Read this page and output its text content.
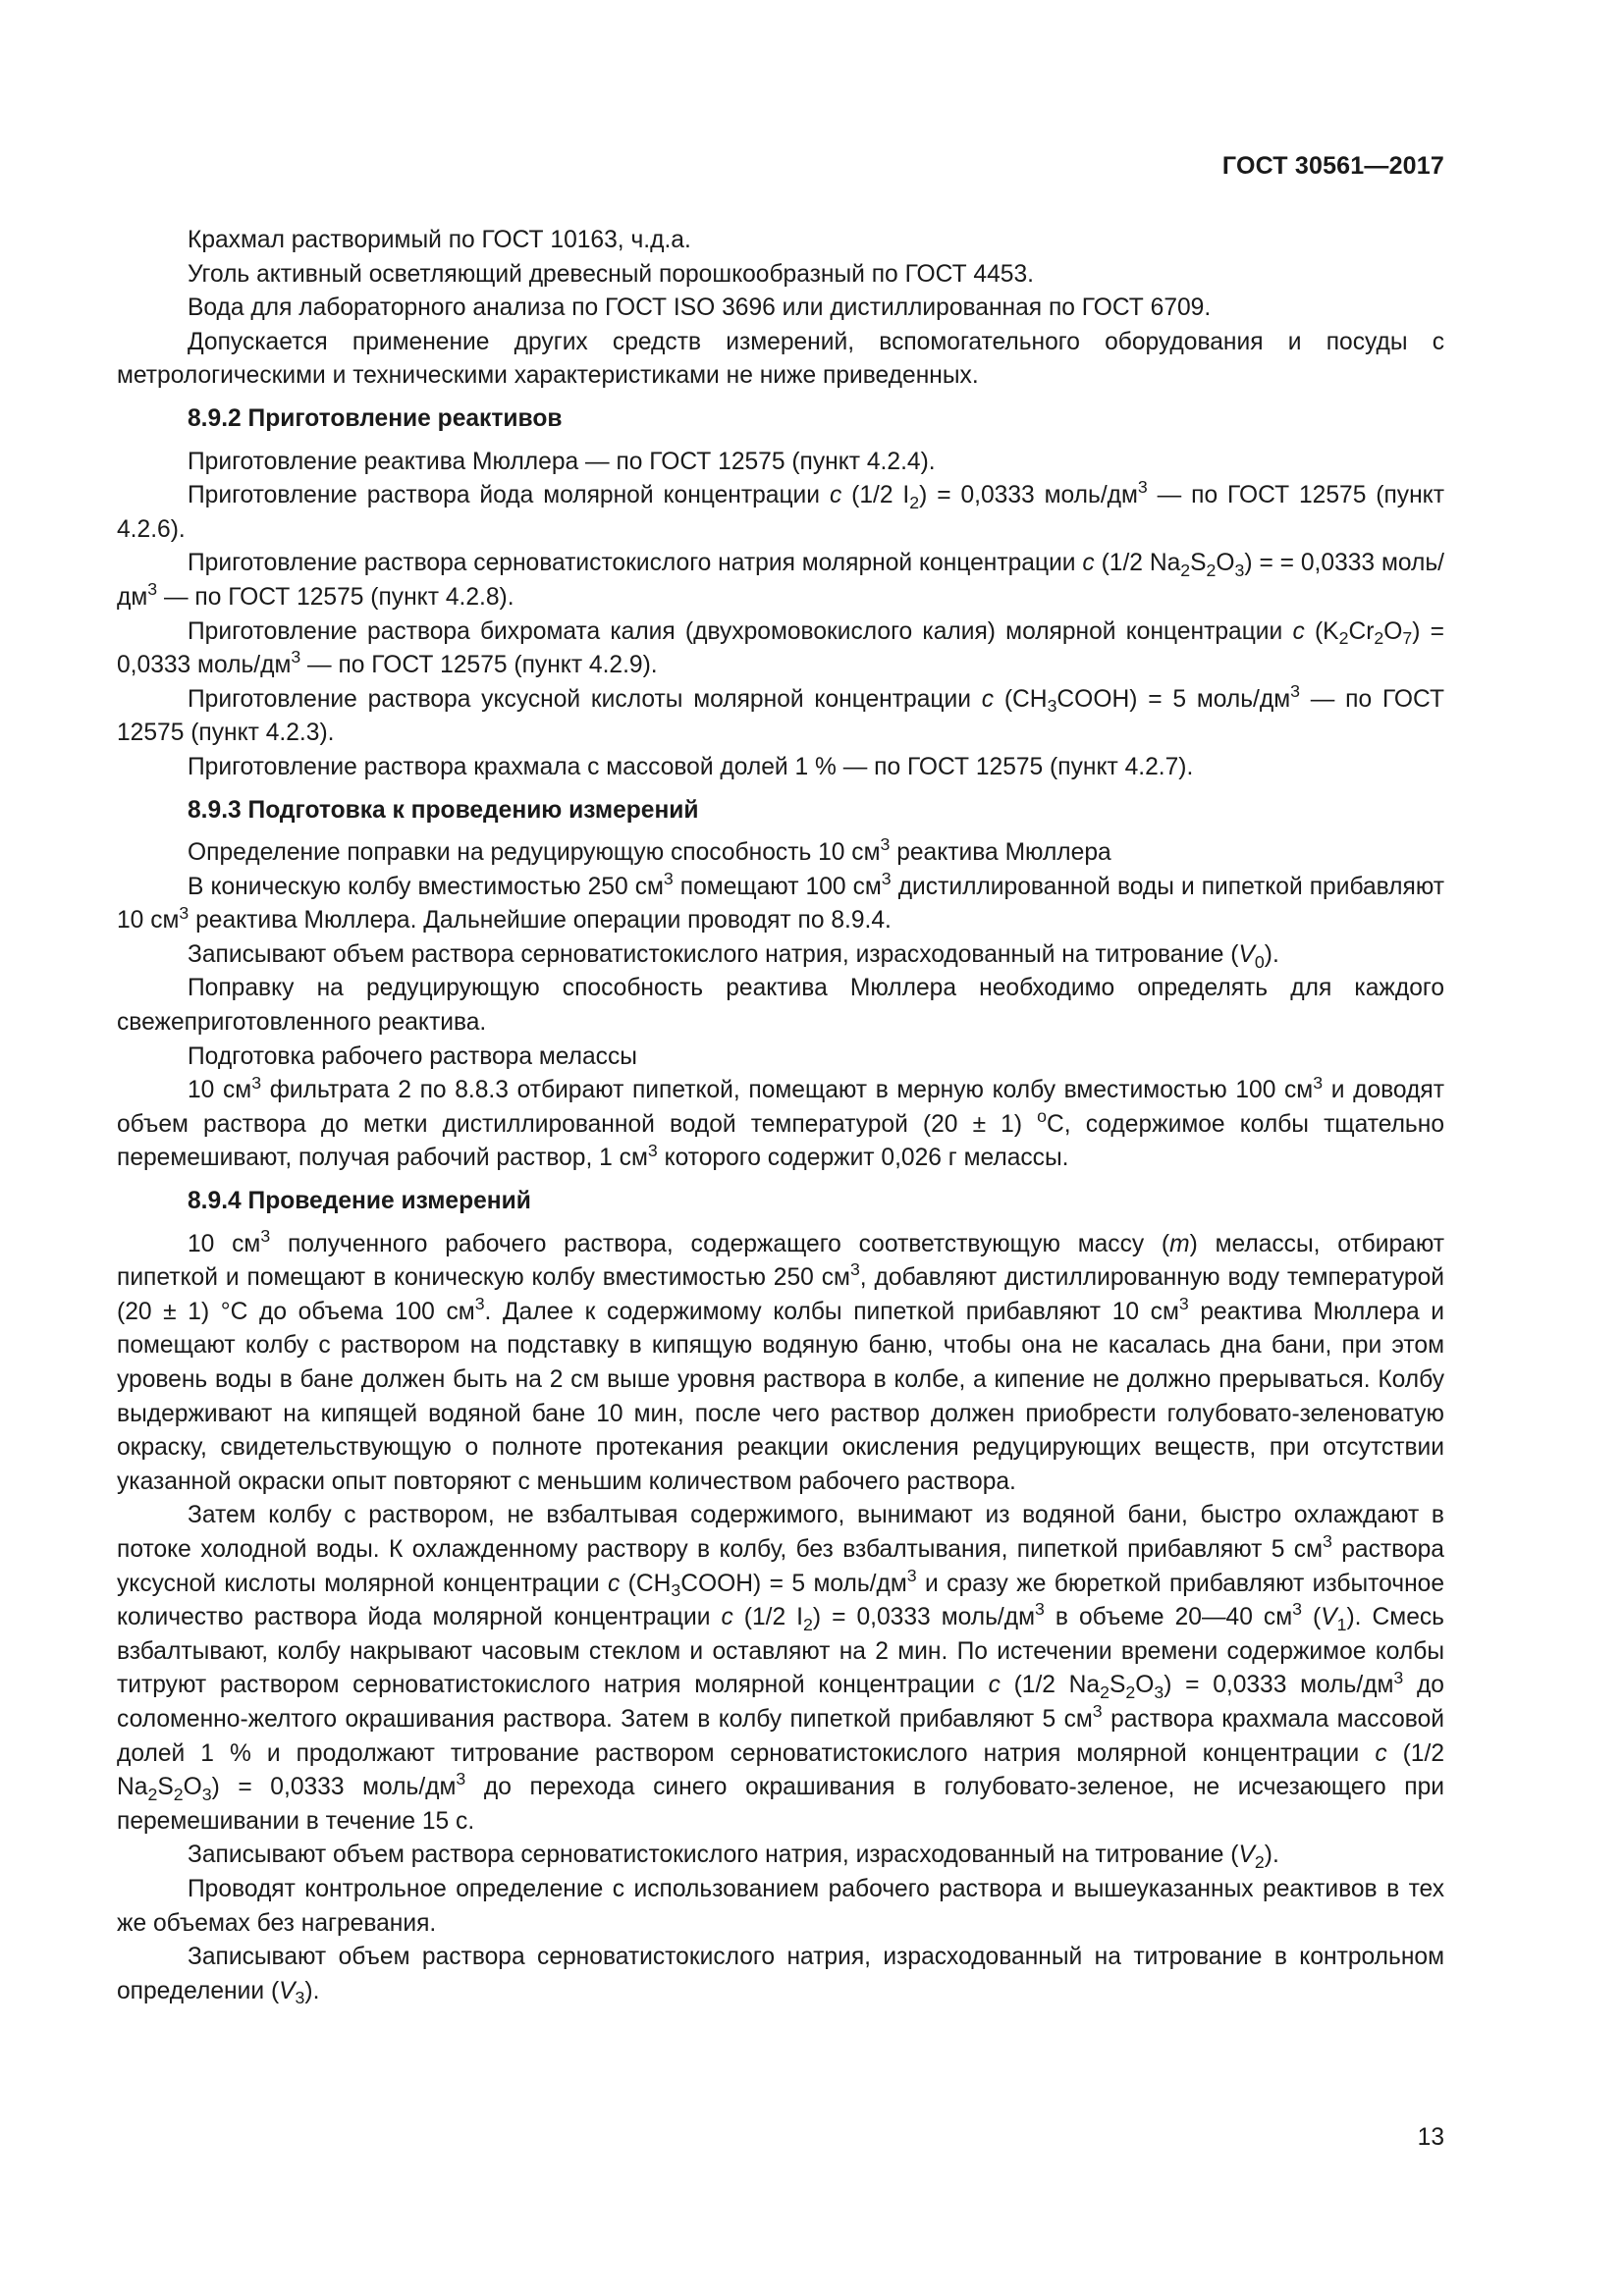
ГОСТ 30561—2017

Крахмал растворимый по ГОСТ 10163, ч.д.а.

Уголь активный осветляющий древесный порошкообразный по ГОСТ 4453.

Вода для лабораторного анализа по ГОСТ ISO 3696 или дистиллированная по ГОСТ 6709.

Допускается применение других средств измерений, вспомогательного оборудования и посуды с метрологическими и техническими характеристиками не ниже приведенных.

8.9.2 Приготовление реактивов

Приготовление реактива Мюллера — по ГОСТ 12575 (пункт 4.2.4).

Приготовление раствора йода молярной концентрации c (1/2 $I_2) = 0,0333$ моль/$дм^3$ — по ГОСТ 12575 (пункт 4.2.6).

Приготовление раствора серноватистокислого натрия молярной концентрации c (1/2 $Na_2S_2O_3$) = = 0,0333 моль/$дм^3$ — по ГОСТ 12575 (пункт 4.2.8).

Приготовление раствора бихромата калия (двухромовокислого калия) молярной концентрации c $(K_2Cr_2O_7) = 0,0333$ моль/$дм^3$ — по ГОСТ 12575 (пункт 4.2.9).

Приготовление раствора уксусной кислоты молярной концентрации c $(CH_3COOH) = 5$ моль/$дм^3$ — по ГОСТ 12575 (пункт 4.2.3).

Приготовление раствора крахмала с массовой долей 1 % — по ГОСТ 12575 (пункт 4.2.7).

8.9.3 Подготовка к проведению измерений

Определение поправки на редуцирующую способность 10 $см^3$ реактива Мюллера

В коническую колбу вместимостью 250 $см^3$ помещают 100 $см^3$ дистиллированной воды и пипеткой прибавляют 10 $см^3$ реактива Мюллера. Дальнейшие операции проводят по 8.9.4.

Записывают объем раствора серноватистокислого натрия, израсходованный на титрование $(V_0)$.

Поправку на редуцирующую способность реактива Мюллера необходимо определять для каждого свежеприготовленного реактива.

Подготовка рабочего раствора мелассы

10 $см^3$ фильтрата 2 по 8.8.3 отбирают пипеткой, помещают в мерную колбу вместимостью 100 $см^3$ и доводят объем раствора до метки дистиллированной водой температурой (20 ± 1) $^o$C, содержимое колбы тщательно перемешивают, получая рабочий раствор, 1 $см^3$ которого содержит 0,026 г мелассы.

8.9.4 Проведение измерений

10 $см^3$ полученного рабочего раствора, содержащего соответствующую массу (m) мелассы, отбирают пипеткой и помещают в коническую колбу вместимостью 250 $см^3$, добавляют дистиллированную воду температурой (20 ± 1) °C до объема 100 $см^3$. Далее к содержимому колбы пипеткой прибавляют 10 $см^3$ реактива Мюллера и помещают колбу с раствором на подставку в кипящую водяную баню, чтобы она не касалась дна бани, при этом уровень воды в бане должен быть на 2 см выше уровня раствора в колбе, а кипение не должно прерываться. Колбу выдерживают на кипящей водяной бане 10 мин, после чего раствор должен приобрести голубовато-зеленоватую окраску, свидетельствующую о полноте протекания реакции окисления редуцирующих веществ, при отсутствии указанной окраски опыт повторяют с меньшим количеством рабочего раствора.

Затем колбу с раствором, не взбалтывая содержимого, вынимают из водяной бани, быстро охлаждают в потоке холодной воды. К охлажденному раствору в колбу, без взбалтывания, пипеткой прибавляют 5 $см^3$ раствора уксусной кислоты молярной концентрации c $(CH_3COOH) = 5$ моль/$дм^3$ и сразу же бюреткой прибавляют избыточное количество раствора йода молярной концентрации c (1/2 $I_2) = 0,0333$ моль/$дм^3$ в объеме 20—40 $см^3$ $(V_1)$. Смесь взбалтывают, колбу накрывают часовым стеклом и оставляют на 2 мин. По истечении времени содержимое колбы титруют раствором серноватистокислого натрия молярной концентрации c (1/2 $Na_2S_2O_3) = 0,0333$ моль/$дм^3$ до соломенно-желтого окрашивания раствора. Затем в колбу пипеткой прибавляют 5 $см^3$ раствора крахмала массовой долей 1 % и продолжают титрование раствором серноватистокислого натрия молярной концентрации c (1/2 $Na_2S_2O_3) = 0,0333$ моль/$дм^3$ до перехода синего окрашивания в голубовато-зеленое, не исчезающего при перемешивании в течение 15 с.

Записывают объем раствора серноватистокислого натрия, израсходованный на титрование $(V_2)$.

Проводят контрольное определение с использованием рабочего раствора и вышеуказанных реактивов в тех же объемах без нагревания.

Записывают объем раствора серноватистокислого натрия, израсходованный на титрование в контрольном определении $(V_3)$.

13
